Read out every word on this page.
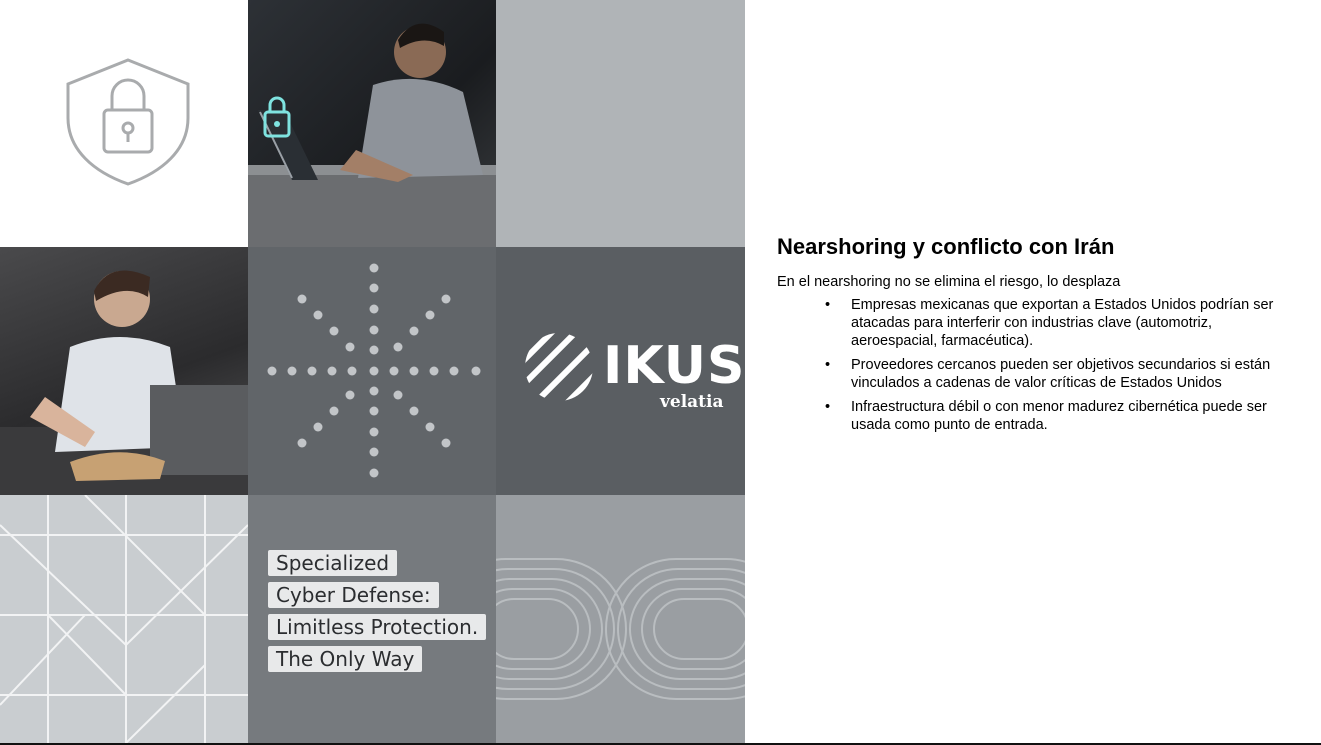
IKUSI
velatia
Specialized
Cyber Defense:
Limitless Protection.
The Only Way
Nearshoring y conflicto con Irán

En el nearshoring no se elimina el riesgo, lo desplaza

• Empresas mexicanas que exportan a Estados Unidos podrían ser atacadas para interferir con industrias clave (automotriz, aeroespacial, farmacéutica).
• Proveedores cercanos pueden ser objetivos secundarios si están vinculados a cadenas de valor críticas de Estados Unidos
• Infraestructura débil o con menor madurez cibernética puede ser usada como punto de entrada.
